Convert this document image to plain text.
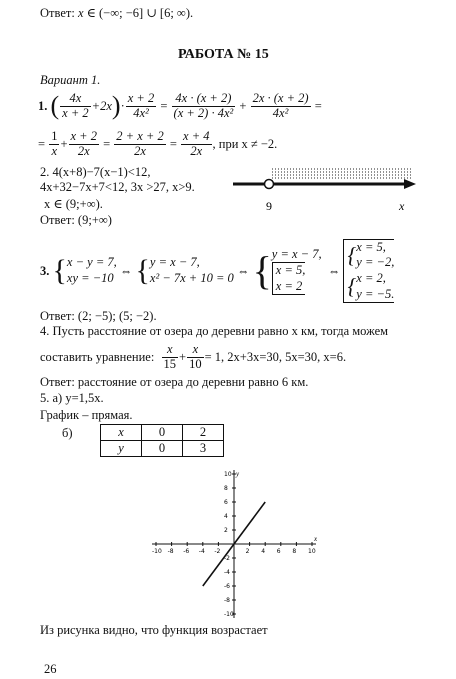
Ответ: x ∈ (−∞; −6] ∪ [6; ∞).
РАБОТА № 15
Вариант 1.
1.
( $\frac{4x}{x + 2} +2x$ ) · $\frac{x + 2}{\text{4x²}}$
=
$\frac{4x \cdot (x + 2)}{\text{(x + 2) · 4x²}}$
+
$\frac{2x \cdot (x + 2)}{\text{4x²}}$
=
=
$\frac{1}{x} + \frac{x + 2}{2x}$
=
$\frac{2 + x + 2}{2x}$
=
$\frac{x + 4}{2x}$ , при x ≠ −2.
2. 4(x+8)−7(x−1)<12,
4x+32−7x+7<12, 3x >27, x>9.
x ∈ (9;+∞).
Ответ: (9;+∞)
9	x
3.
{ x − y = 7,
xy = −10

⇔
{ y = x − 7,
x² − 7x + 10 = 0

⇔
{ y = x − 7,
x = 5,
x = 2

⇔

{x = 5,
y = −2,
{x = 2,
y = −5.
Ответ: (2; −5); (5; −2).
4. Пусть расстояние от озера до деревни равно x км, тогда можем
составить уравнение:
$\frac{x}{15} + \frac{x}{10} = 1$, 2x+3x=30, 5x=30, x=6.
Ответ: расстояние от озера до деревни равно 6 км.
5. а) y=1,5x.
График – прямая.
б)	x	0	2
y	0	3
-10 -8 -6 -4 -2	2 4 6 8 10
-10
-8
-6
-4
-2
2
4
6
8
10
x
y
Из рисунка видно, что функция возрастает
26
